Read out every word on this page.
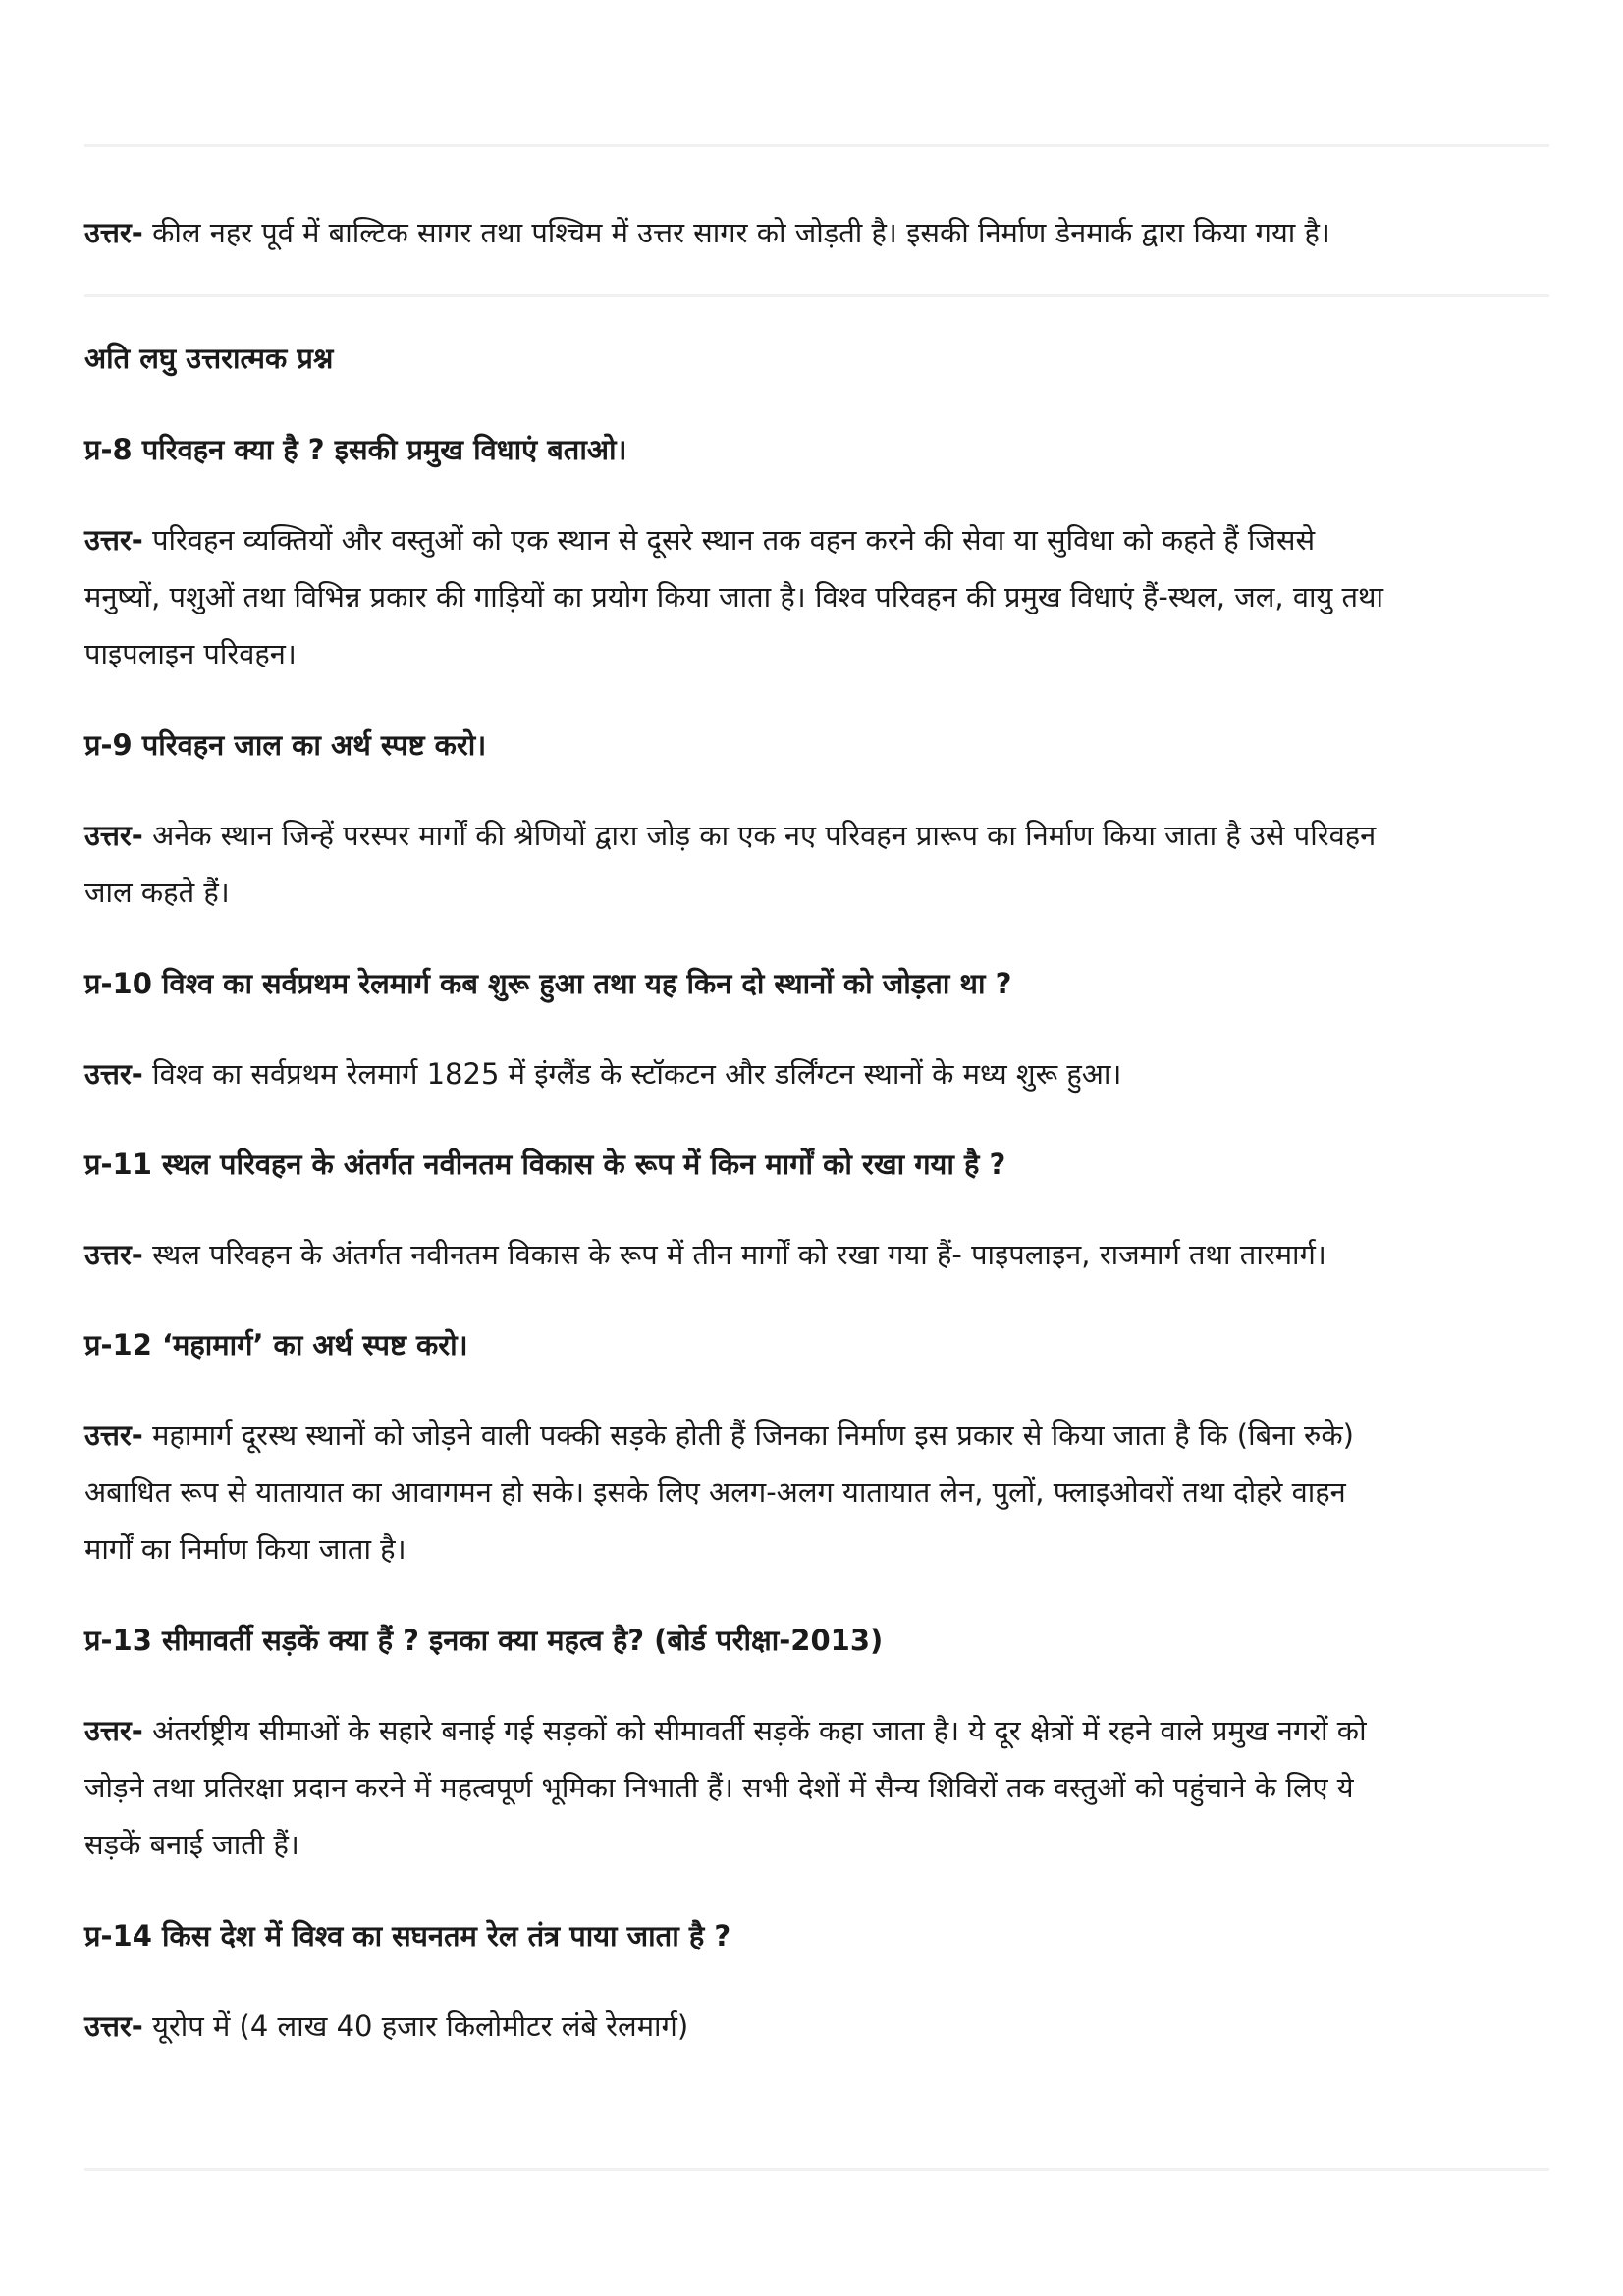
उत्तर- कील नहर पूर्व में बाल्टिक सागर तथा पश्चिम में उत्तर सागर को जोड़ती है। इसकी निर्माण डेनमार्क द्वारा किया गया है।
अति लघु उत्तरात्मक प्रश्न
प्र-8 परिवहन क्या है ? इसकी प्रमुख विधाएं बताओ।
उत्तर- परिवहन व्यक्तियों और वस्तुओं को एक स्थान से दूसरे स्थान तक वहन करने की सेवा या सुविधा को कहते हैं जिससे
मनुष्यों, पशुओं तथा विभिन्न प्रकार की गाड़ियों का प्रयोग किया जाता है। विश्व परिवहन की प्रमुख विधाएं हैं-स्थल, जल, वायु तथा
पाइपलाइन परिवहन।
प्र-9 परिवहन जाल का अर्थ स्पष्ट करो।
उत्तर- अनेक स्थान जिन्हें परस्पर मार्गों की श्रेणियों द्वारा जोड़ का एक नए परिवहन प्रारूप का निर्माण किया जाता है उसे परिवहन
जाल कहते हैं।
प्र-10 विश्व का सर्वप्रथम रेलमार्ग कब शुरू हुआ तथा यह किन दो स्थानों को जोड़ता था ?
उत्तर- विश्व का सर्वप्रथम रेलमार्ग 1825 में इंग्लैंड के स्टॉकटन और डर्लिंग्टन स्थानों के मध्य शुरू हुआ।
प्र-11 स्थल परिवहन के अंतर्गत नवीनतम विकास के रूप में किन मार्गों को रखा गया है ?
उत्तर- स्थल परिवहन के अंतर्गत नवीनतम विकास के रूप में तीन मार्गों को रखा गया हैं- पाइपलाइन, राजमार्ग तथा तारमार्ग।
प्र-12 ‘महामार्ग’ का अर्थ स्पष्ट करो।
उत्तर- महामार्ग दूरस्थ स्थानों को जोड़ने वाली पक्की सड़के होती हैं जिनका निर्माण इस प्रकार से किया जाता है कि (बिना रुके)
अबाधित रूप से यातायात का आवागमन हो सके। इसके लिए अलग-अलग यातायात लेन, पुलों, फ्लाइओवरों तथा दोहरे वाहन
मार्गों का निर्माण किया जाता है।
प्र-13 सीमावर्ती सड़कें क्या हैं ? इनका क्या महत्व है? (बोर्ड परीक्षा-2013)
उत्तर- अंतर्राष्ट्रीय सीमाओं के सहारे बनाई गई सड़कों को सीमावर्ती सड़कें कहा जाता है। ये दूर क्षेत्रों में रहने वाले प्रमुख नगरों को
जोड़ने तथा प्रतिरक्षा प्रदान करने में महत्वपूर्ण भूमिका निभाती हैं। सभी देशों में सैन्य शिविरों तक वस्तुओं को पहुंचाने के लिए ये
सड़कें बनाई जाती हैं।
प्र-14 किस देश में विश्व का सघनतम रेल तंत्र पाया जाता है ?
उत्तर- यूरोप में (4 लाख 40 हजार किलोमीटर लंबे रेलमार्ग)
